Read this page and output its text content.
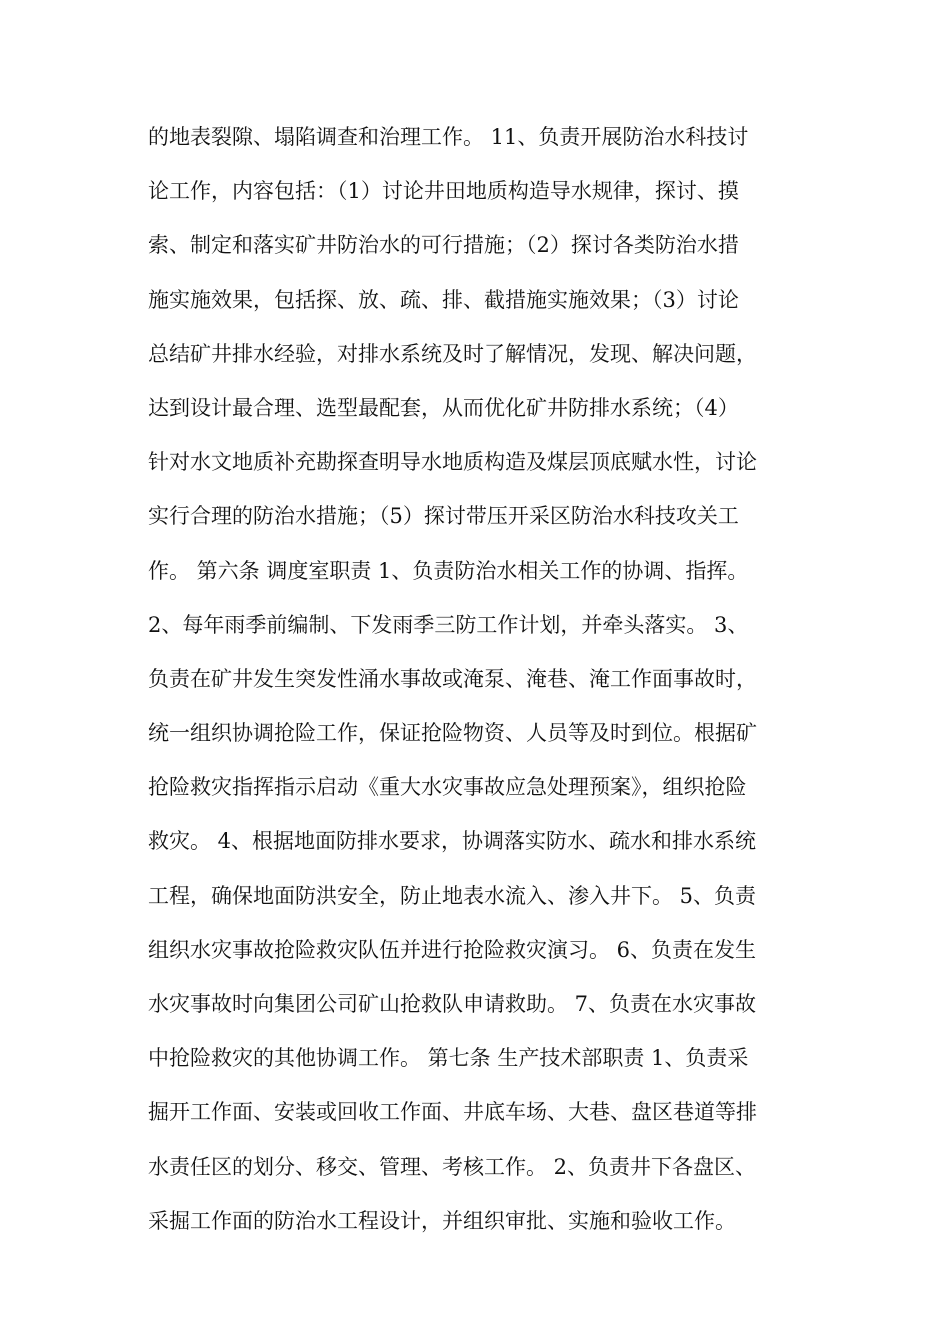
的地表裂隙、塌陷调查和治理工作。 11、负责开展防治水科技讨
论工作，内容包括：（1）讨论井田地质构造导水规律，探讨、摸
索、制定和落实矿井防治水的可行措施；（2）探讨各类防治水措
施实施效果，包括探、放、疏、排、截措施实施效果；（3）讨论
总结矿井排水经验，对排水系统及时了解情况，发现、解决问题，
达到设计最合理、选型最配套，从而优化矿井防排水系统；（4）
针对水文地质补充勘探查明导水地质构造及煤层顶底赋水性，讨论
实行合理的防治水措施；（5）探讨带压开采区防治水科技攻关工
作。 第六条 调度室职责 1、负责防治水相关工作的协调、指挥。
2、每年雨季前编制、下发雨季三防工作计划，并牵头落实。 3、
负责在矿井发生突发性涌水事故或淹泵、淹巷、淹工作面事故时，
统一组织协调抢险工作，保证抢险物资、人员等及时到位。根据矿
抢险救灾指挥指示启动《重大水灾事故应急处理预案》，组织抢险
救灾。 4、根据地面防排水要求，协调落实防水、疏水和排水系统
工程，确保地面防洪安全，防止地表水流入、渗入井下。 5、负责
组织水灾事故抢险救灾队伍并进行抢险救灾演习。 6、负责在发生
水灾事故时向集团公司矿山抢救队申请救助。 7、负责在水灾事故
中抢险救灾的其他协调工作。 第七条 生产技术部职责 1、负责采
掘开工作面、安装或回收工作面、井底车场、大巷、盘区巷道等排
水责任区的划分、移交、管理、考核工作。 2、负责井下各盘区、
采掘工作面的防治水工程设计，并组织审批、实施和验收工作。
